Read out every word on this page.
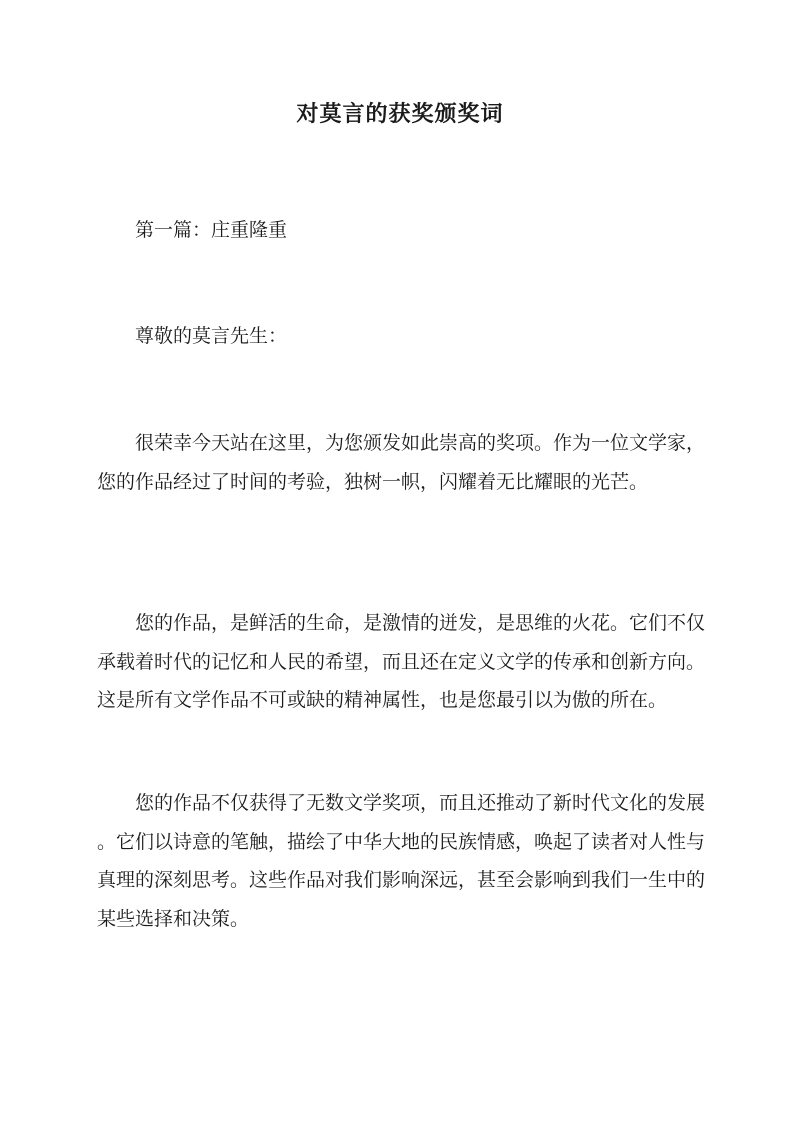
对莫言的获奖颁奖词
第一篇：庄重隆重
尊敬的莫言先生：
很荣幸今天站在这里，为您颁发如此崇高的奖项。作为一位文学家，
您的作品经过了时间的考验，独树一帜，闪耀着无比耀眼的光芒。
您的作品，是鲜活的生命，是激情的迸发，是思维的火花。它们不仅
承载着时代的记忆和人民的希望，而且还在定义文学的传承和创新方向。
这是所有文学作品不可或缺的精神属性，也是您最引以为傲的所在。
您的作品不仅获得了无数文学奖项，而且还推动了新时代文化的发展
。它们以诗意的笔触，描绘了中华大地的民族情感，唤起了读者对人性与
真理的深刻思考。这些作品对我们影响深远，甚至会影响到我们一生中的
某些选择和决策。
